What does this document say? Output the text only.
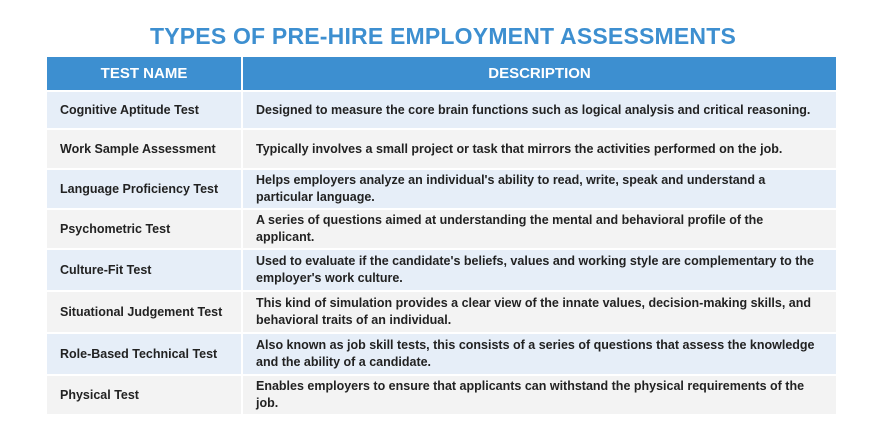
TYPES OF PRE-HIRE EMPLOYMENT ASSESSMENTS
TEST NAME	DESCRIPTION
Cognitive Aptitude Test	Designed to measure the core brain functions such as logical analysis and critical reasoning.
Work Sample Assessment	Typically involves a small project or task that mirrors the activities performed on the job.
Language Proficiency Test	Helps employers analyze an individual's ability to read, write, speak and understand a particular language.
Psychometric Test	A series of questions aimed at understanding the mental and behavioral profile of the applicant.
Culture-Fit Test	Used to evaluate if the candidate's beliefs, values and working style are complementary to the employer's work culture.
Situational Judgement Test	This kind of simulation provides a clear view of the innate values, decision-making skills, and behavioral traits of an individual.
Role-Based Technical Test	Also known as job skill tests, this consists of a series of questions that assess the knowledge and the ability of a candidate.
Physical Test	Enables employers to ensure that applicants can withstand the physical requirements of the job.
